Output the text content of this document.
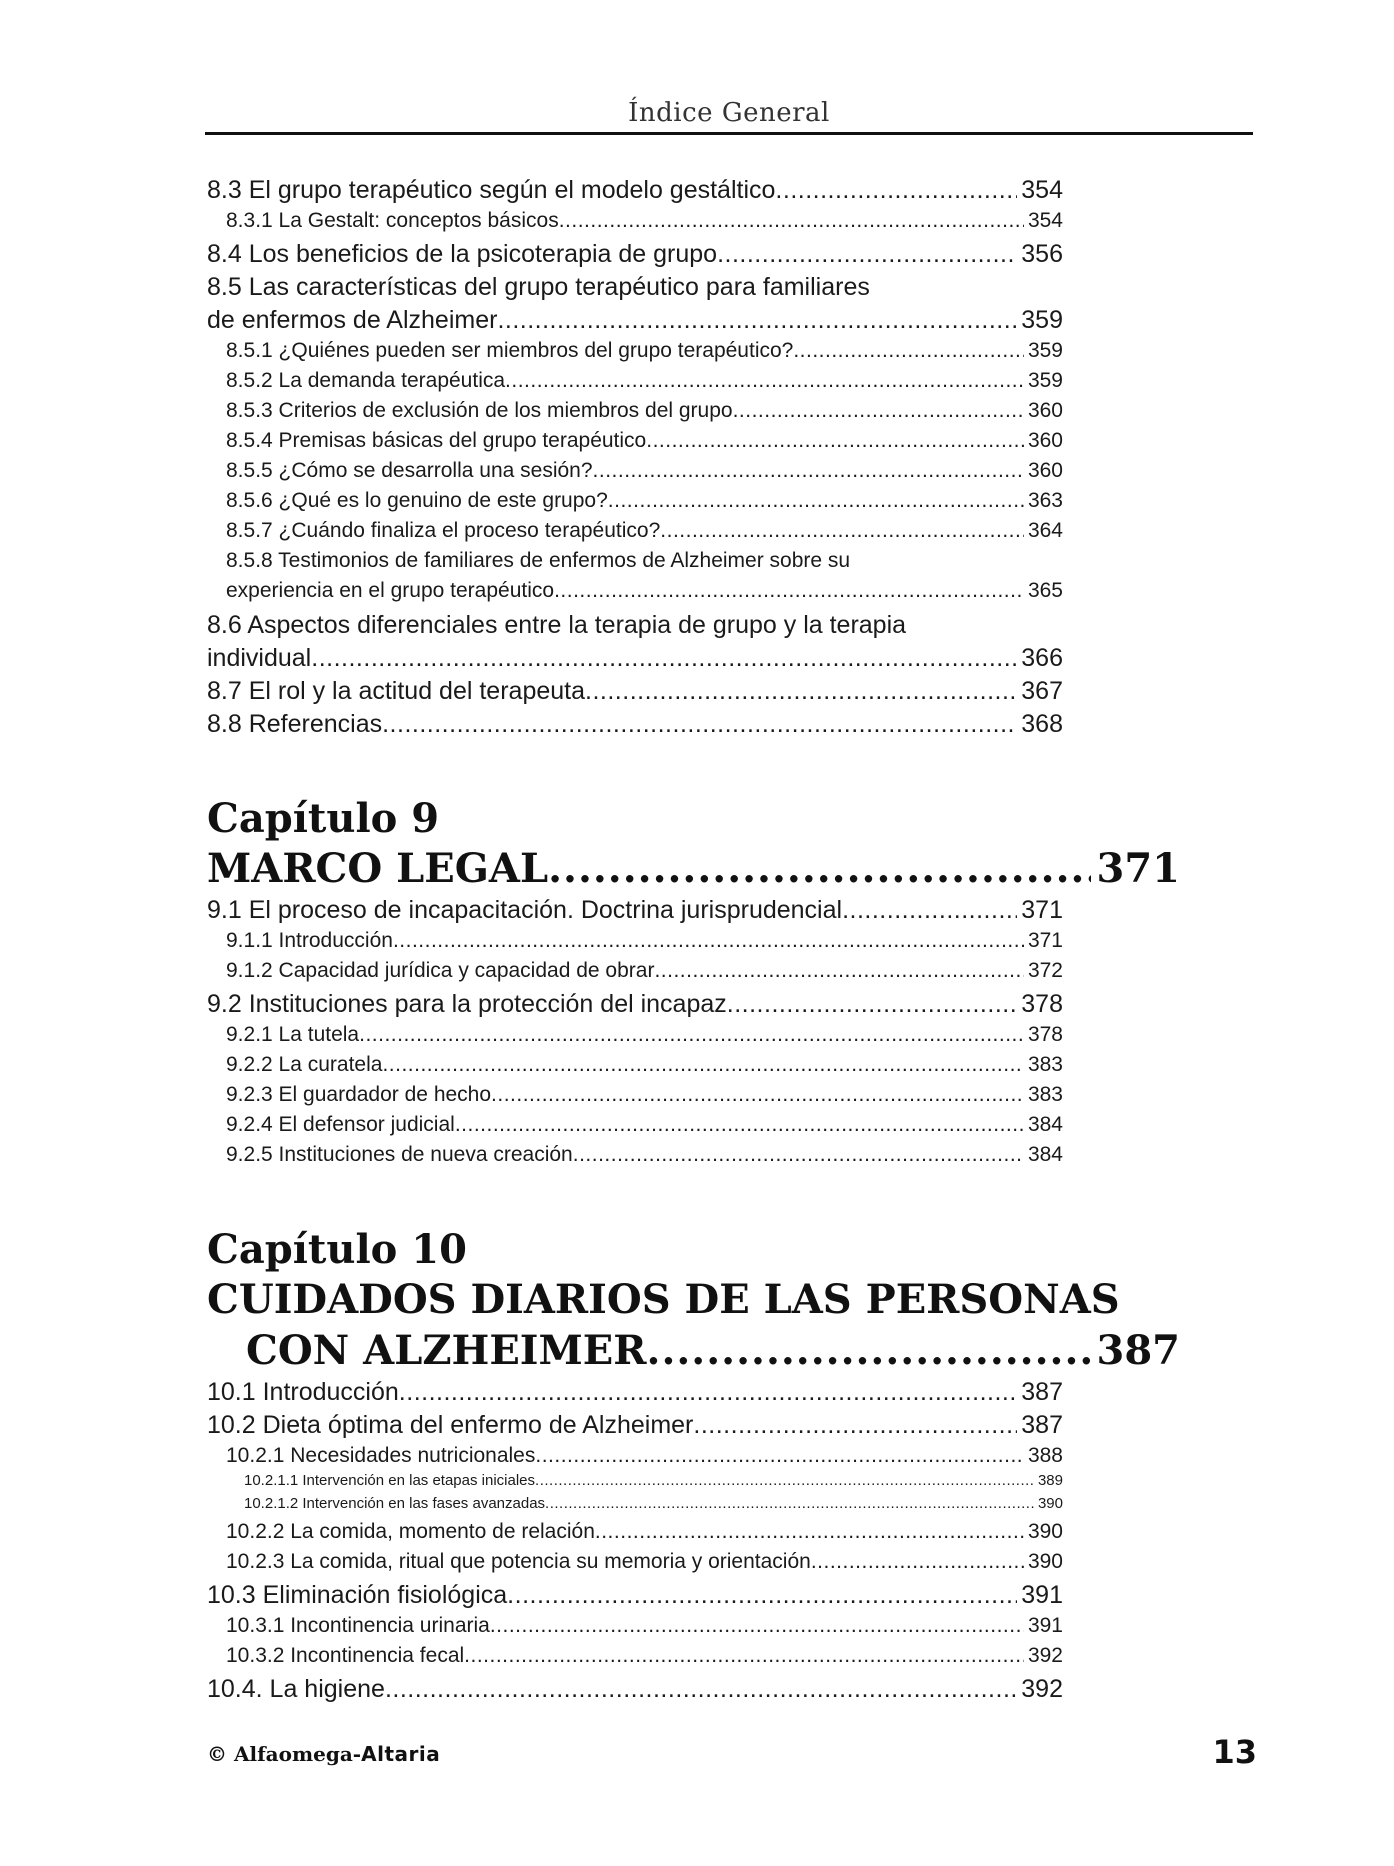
Índice General
8.3 El grupo terapéutico según el modelo gestáltico .....	354
8.3.1 La Gestalt: conceptos básicos .....	354
8.4 Los beneficios de la psicoterapia de grupo .....	356
8.5 Las características del grupo terapéutico para familiares
de enfermos de Alzheimer .....	359
8.5.1 ¿Quiénes pueden ser miembros del grupo terapéutico? .....	359
8.5.2 La demanda terapéutica .....	359
8.5.3 Criterios de exclusión de los miembros del grupo .....	360
8.5.4 Premisas básicas del grupo terapéutico .....	360
8.5.5 ¿Cómo se desarrolla una sesión? .....	360
8.5.6 ¿Qué es lo genuino de este grupo? .....	363
8.5.7 ¿Cuándo finaliza el proceso terapéutico? .....	364
8.5.8 Testimonios de familiares de enfermos de Alzheimer sobre su
experiencia en el grupo terapéutico .....	365
8.6 Aspectos diferenciales entre la terapia de grupo y la terapia
individual .....	366
8.7 El rol y la actitud del terapeuta .....	367
8.8 Referencias .....	368
Capítulo 9
MARCO LEGAL .....	371
9.1 El proceso de incapacitación. Doctrina jurisprudencial .....	371
9.1.1 Introducción .....	371
9.1.2 Capacidad jurídica y capacidad de obrar .....	372
9.2 Instituciones para la protección del incapaz .....	378
9.2.1 La tutela .....	378
9.2.2 La curatela .....	383
9.2.3 El guardador de hecho .....	383
9.2.4 El defensor judicial .....	384
9.2.5 Instituciones de nueva creación .....	384
Capítulo 10
CUIDADOS DIARIOS DE LAS PERSONAS
CON ALZHEIMER .....	387
10.1 Introducción .....	387
10.2 Dieta óptima del enfermo de Alzheimer .....	387
10.2.1 Necesidades nutricionales .....	388
10.2.1.1 Intervención en las etapas iniciales .....	389
10.2.1.2 Intervención en las fases avanzadas .....	390
10.2.2 La comida, momento de relación .....	390
10.2.3 La comida, ritual que potencia su memoria y orientación .....	390
10.3 Eliminación fisiológica .....	391
10.3.1 Incontinencia urinaria .....	391
10.3.2 Incontinencia fecal .....	392
10.4. La higiene .....	392
© Alfaomega-Altaria	13
